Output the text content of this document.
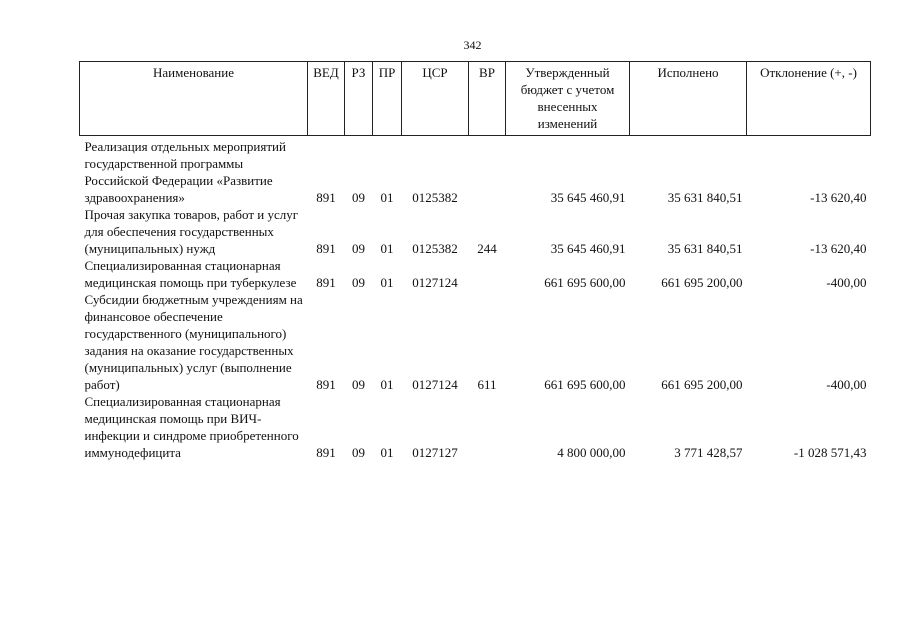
342
Наименование	ВЕД	РЗ	ПР	ЦСР	ВР	Утвержденный бюджет с учетом внесенных изменений	Исполнено	Отклонение (+, -)
Реализация отдельных мероприятий государственной программы Российской Федерации «Развитие здравоохранения»	891	09	01	0125382		35 645 460,91	35 631 840,51	-13 620,40
Прочая закупка товаров, работ и услуг для обеспечения государственных (муниципальных) нужд	891	09	01	0125382	244	35 645 460,91	35 631 840,51	-13 620,40
Специализированная стационарная медицинская помощь при туберкулезе	891	09	01	0127124		661 695 600,00	661 695 200,00	-400,00
Субсидии бюджетным учреждениям на финансовое обеспечение государственного (муниципального) задания на оказание государственных (муниципальных) услуг (выполнение работ)	891	09	01	0127124	611	661 695 600,00	661 695 200,00	-400,00
Специализированная стационарная медицинская помощь при ВИЧ-инфекции и синдроме приобретенного иммунодефицита	891	09	01	0127127		4 800 000,00	3 771 428,57	-1 028 571,43
